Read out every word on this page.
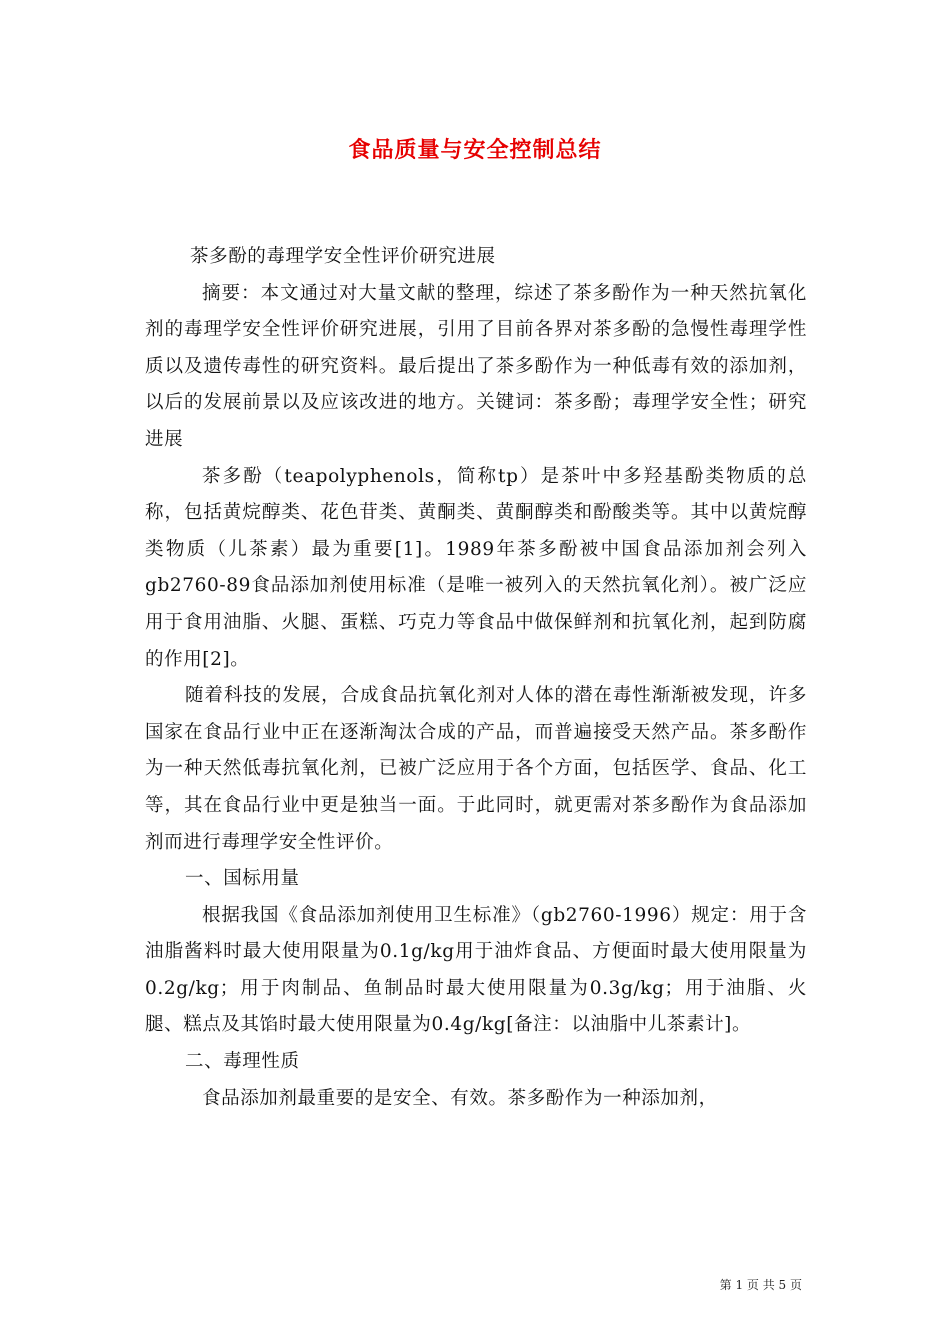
食品质量与安全控制总结

茶多酚的毒理学安全性评价研究进展

摘要：本文通过对大量文献的整理，综述了茶多酚作为一种天然抗氧化剂的毒理学安全性评价研究进展，引用了目前各界对茶多酚的急慢性毒理学性质以及遗传毒性的研究资料。最后提出了茶多酚作为一种低毒有效的添加剂，以后的发展前景以及应该改进的地方。关键词：茶多酚；毒理学安全性；研究进展

茶多酚（teapolyphenols，简称tp）是茶叶中多羟基酚类物质的总称，包括黄烷醇类、花色苷类、黄酮类、黄酮醇类和酚酸类等。其中以黄烷醇类物质（儿茶素）最为重要[1]。1989年茶多酚被中国食品添加剂会列入gb2760-89食品添加剂使用标准（是唯一被列入的天然抗氧化剂）。被广泛应用于食用油脂、火腿、蛋糕、巧克力等食品中做保鲜剂和抗氧化剂，起到防腐的作用[2]。

随着科技的发展，合成食品抗氧化剂对人体的潜在毒性渐渐被发现，许多国家在食品行业中正在逐渐淘汰合成的产品，而普遍接受天然产品。茶多酚作为一种天然低毒抗氧化剂，已被广泛应用于各个方面，包括医学、食品、化工等，其在食品行业中更是独当一面。于此同时，就更需对茶多酚作为食品添加剂而进行毒理学安全性评价。

一、国标用量

根据我国《食品添加剂使用卫生标准》（gb2760-1996）规定：用于含油脂酱料时最大使用限量为0.1g/kg用于油炸食品、方便面时最大使用限量为0.2g/kg；用于肉制品、鱼制品时最大使用限量为0.3g/kg；用于油脂、火腿、糕点及其馅时最大使用限量为0.4g/kg[备注：以油脂中儿茶素计]。

二、毒理性质

食品添加剂最重要的是安全、有效。茶多酚作为一种添加剂，

第 1 页 共 5 页
